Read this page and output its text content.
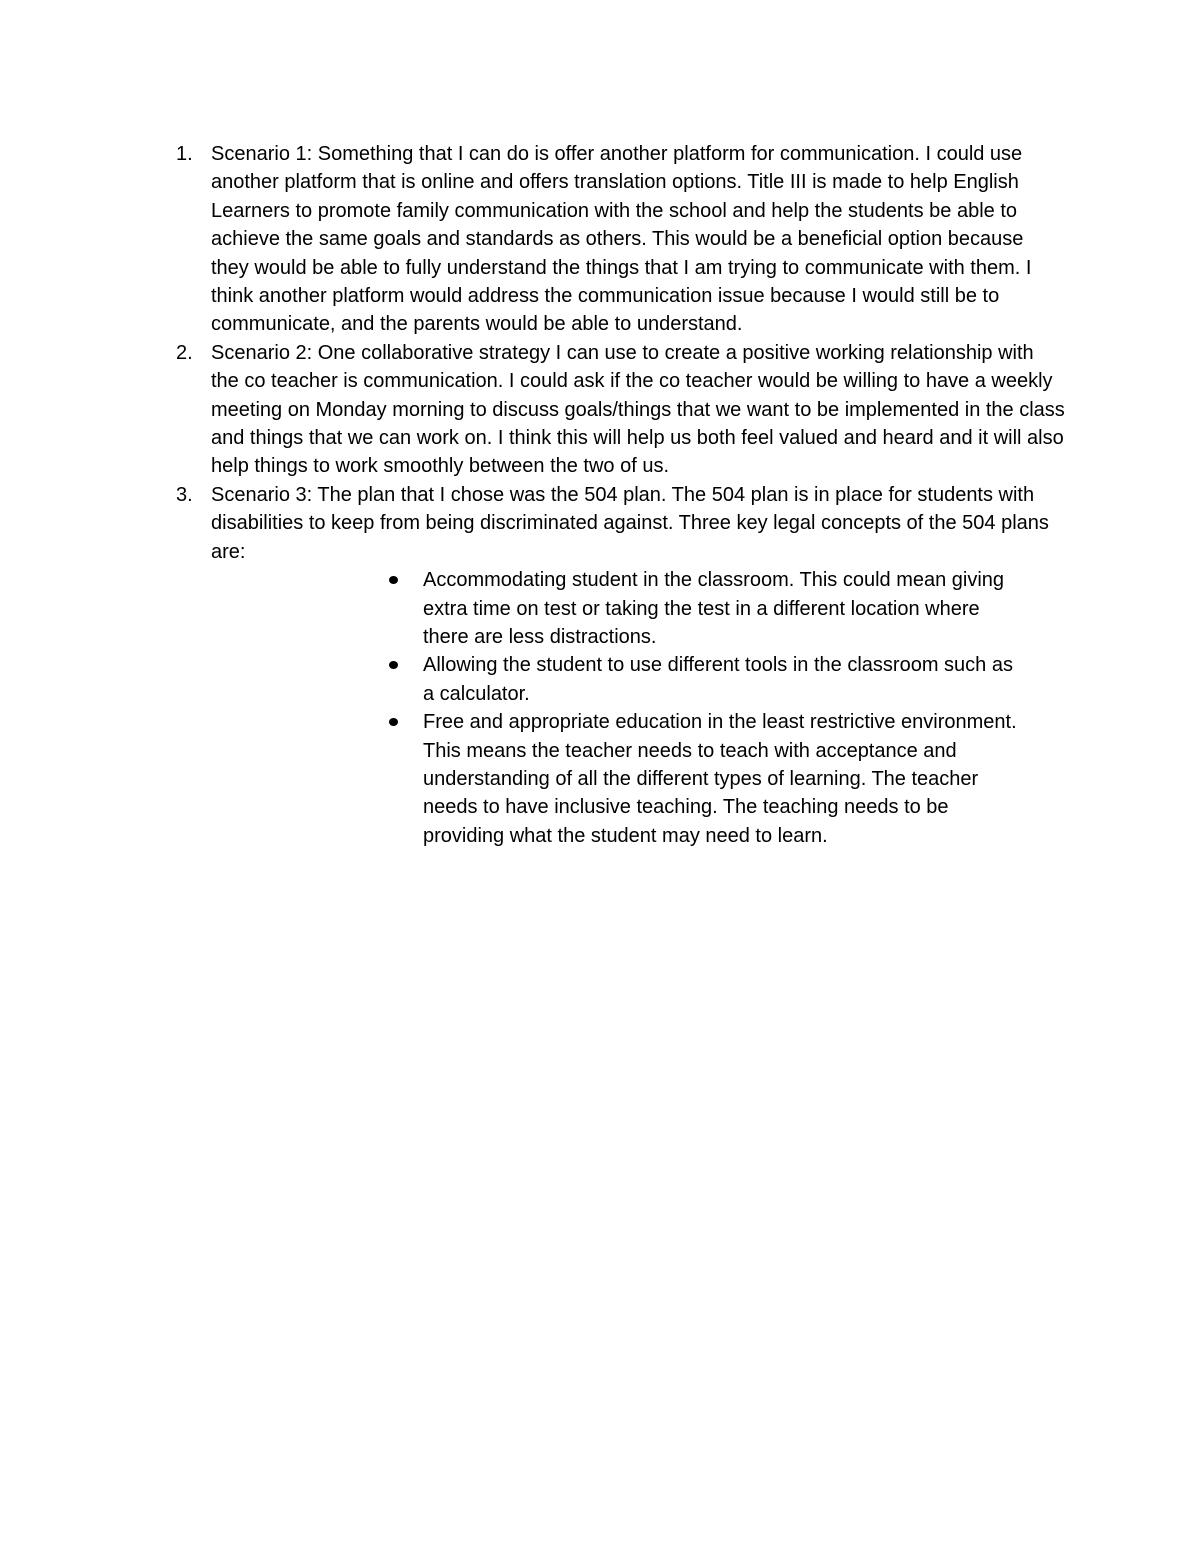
1. Scenario 1: Something that I can do is offer another platform for communication. I could use another platform that is online and offers translation options. Title III is made to help English Learners to promote family communication with the school and help the students be able to achieve the same goals and standards as others. This would be a beneficial option because they would be able to fully understand the things that I am trying to communicate with them. I think another platform would address the communication issue because I would still be to communicate, and the parents would be able to understand.
2. Scenario 2: One collaborative strategy I can use to create a positive working relationship with the co teacher is communication. I could ask if the co teacher would be willing to have a weekly meeting on Monday morning to discuss goals/things that we want to be implemented in the class and things that we can work on. I think this will help us both feel valued and heard and it will also help things to work smoothly between the two of us.
3. Scenario 3: The plan that I chose was the 504 plan. The 504 plan is in place for students with disabilities to keep from being discriminated against. Three key legal concepts of the 504 plans are:
Accommodating student in the classroom. This could mean giving extra time on test or taking the test in a different location where there are less distractions.
Allowing the student to use different tools in the classroom such as a calculator.
Free and appropriate education in the least restrictive environment. This means the teacher needs to teach with acceptance and understanding of all the different types of learning. The teacher needs to have inclusive teaching. The teaching needs to be providing what the student may need to learn.
